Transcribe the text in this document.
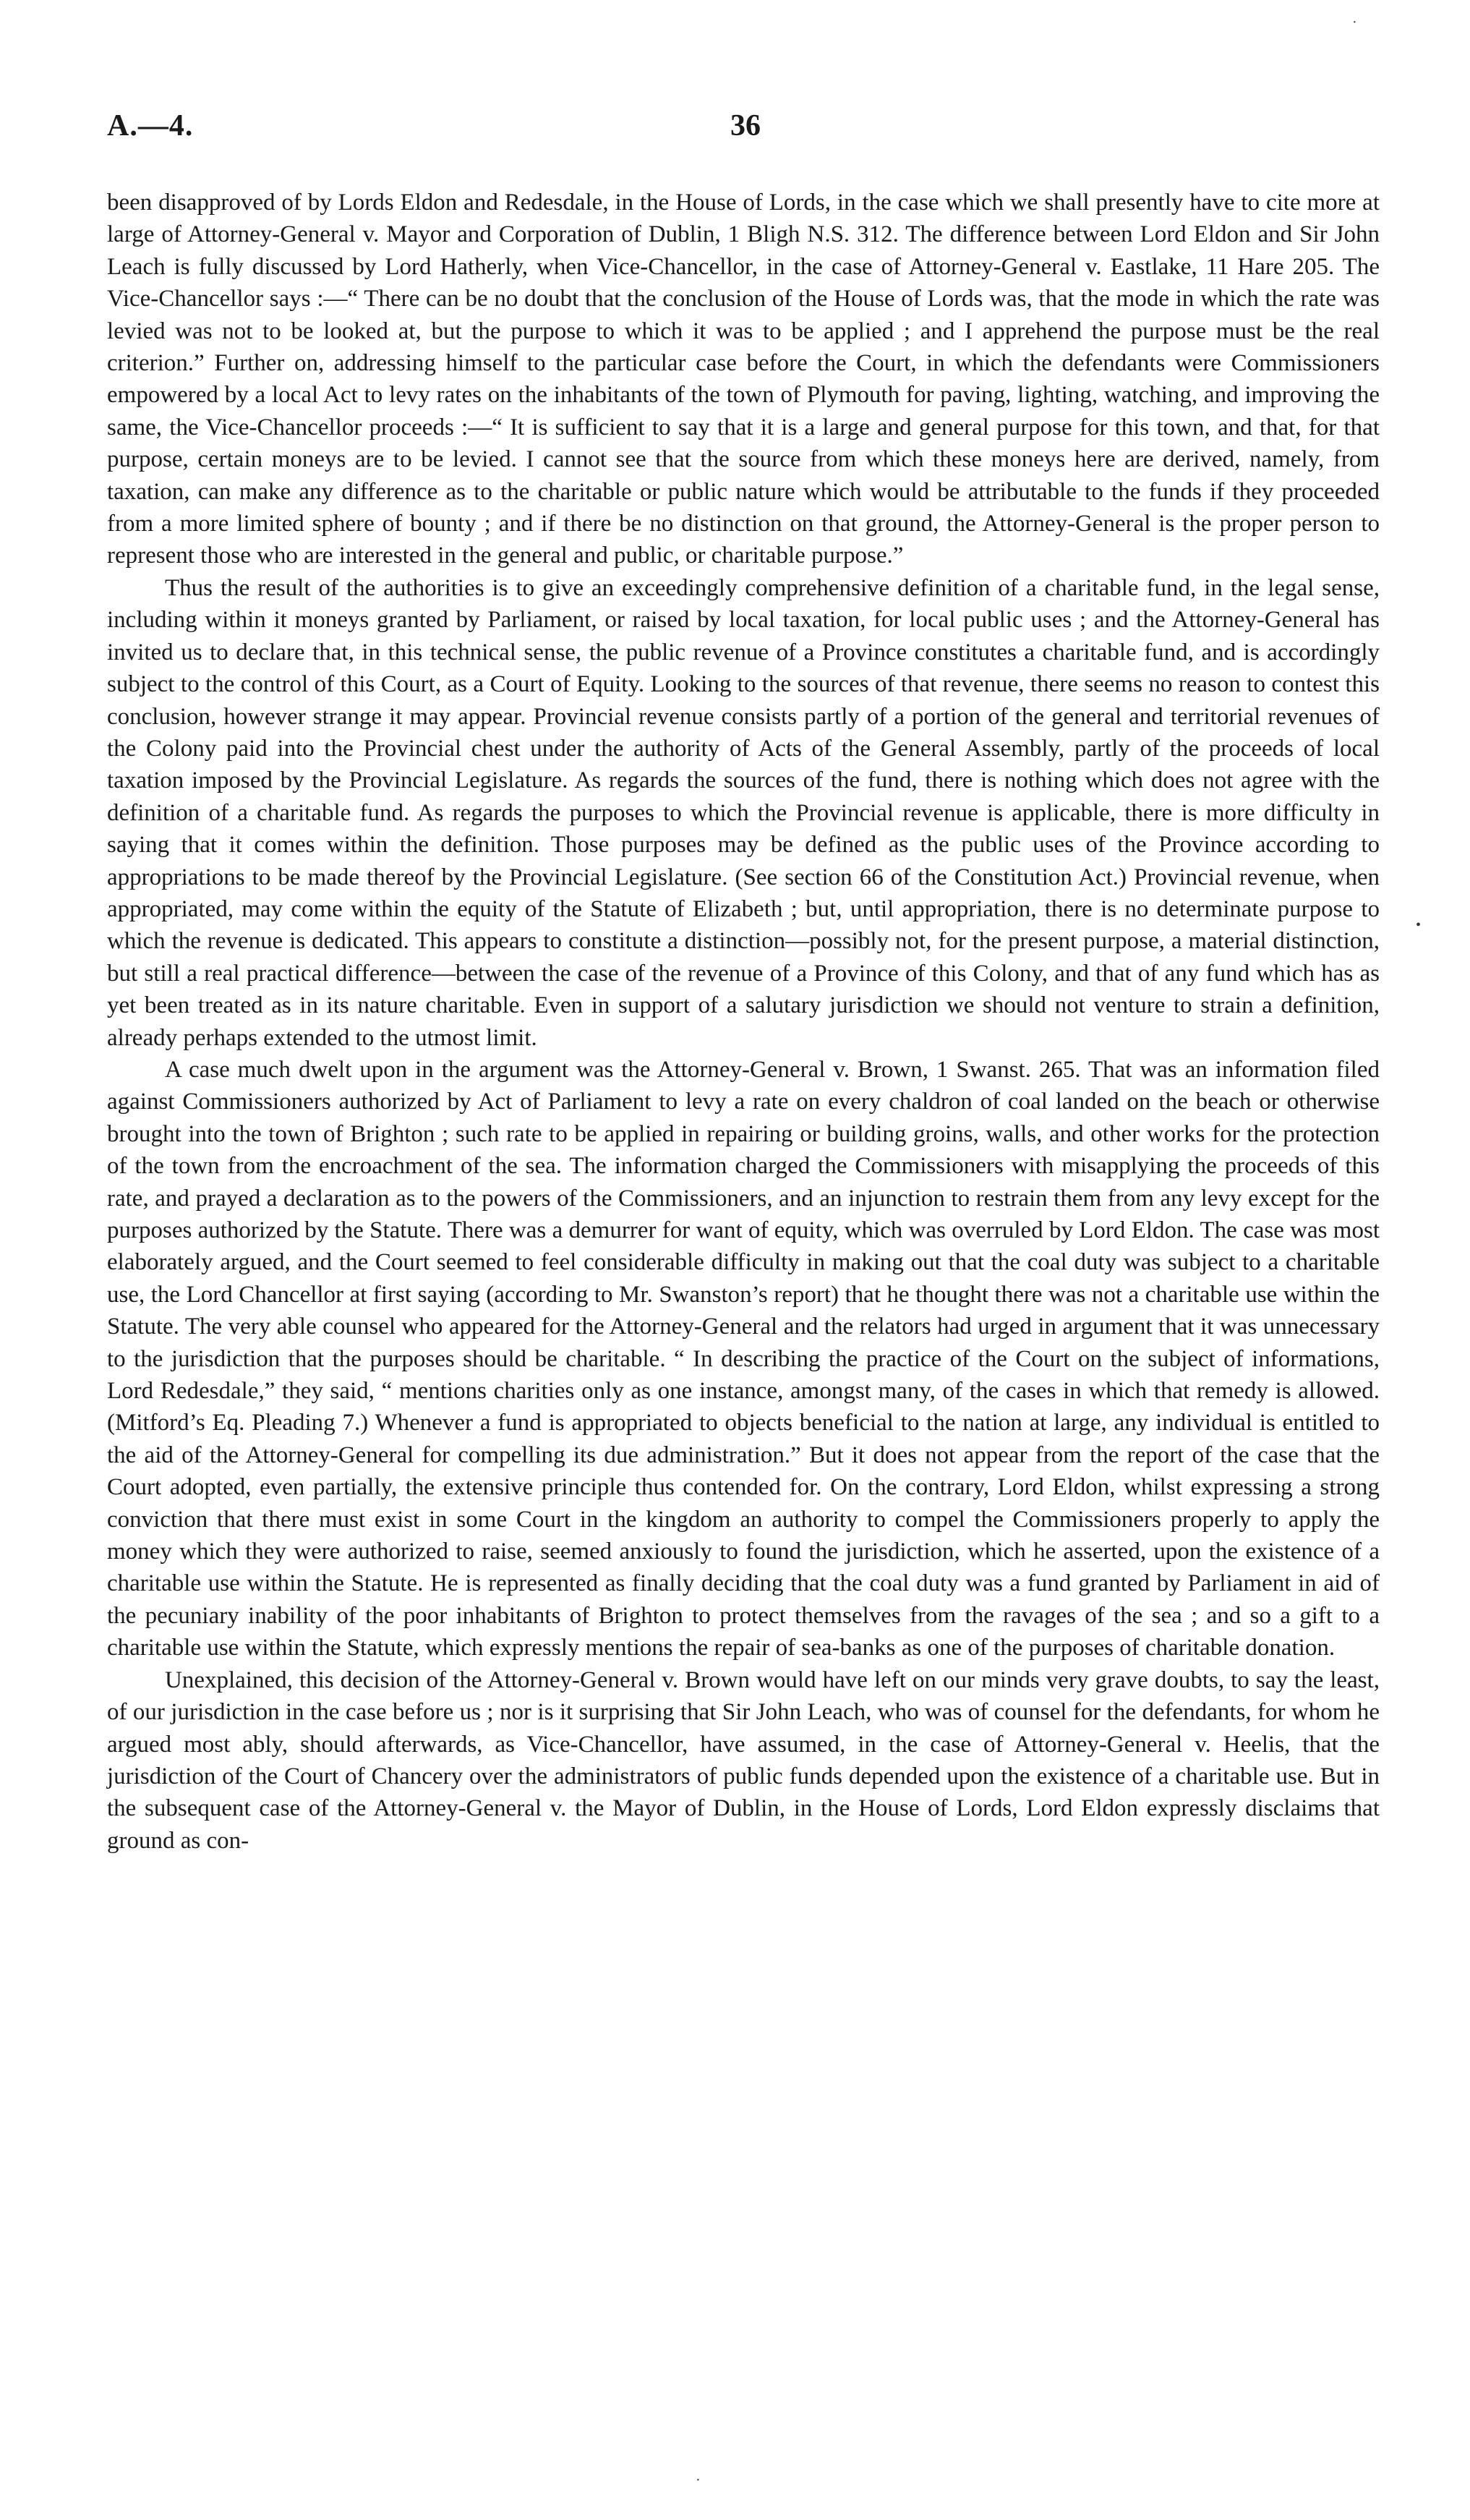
A.—4.	36

been disapproved of by Lords Eldon and Redesdale, in the House of Lords, in the case which we shall presently have to cite more at large of Attorney-General v. Mayor and Corporation of Dublin, 1 Bligh N.S. 312. The difference between Lord Eldon and Sir John Leach is fully discussed by Lord Hatherly, when Vice-Chancellor, in the case of Attorney-General v. Eastlake, 11 Hare 205. The Vice-Chancellor says :—“ There can be no doubt that the conclusion of the House of Lords was, that the mode in which the rate was levied was not to be looked at, but the purpose to which it was to be applied ; and I apprehend the purpose must be the real criterion.” Further on, addressing himself to the particular case before the Court, in which the defendants were Commissioners empowered by a local Act to levy rates on the inhabitants of the town of Plymouth for paving, lighting, watching, and improving the same, the Vice-Chancellor proceeds :—“ It is sufficient to say that it is a large and general purpose for this town, and that, for that purpose, certain moneys are to be levied. I cannot see that the source from which these moneys here are derived, namely, from taxation, can make any difference as to the charitable or public nature which would be attributable to the funds if they proceeded from a more limited sphere of bounty ; and if there be no distinction on that ground, the Attorney-General is the proper person to represent those who are interested in the general and public, or charitable purpose.”

Thus the result of the authorities is to give an exceedingly comprehensive definition of a charitable fund, in the legal sense, including within it moneys granted by Parliament, or raised by local taxation, for local public uses ; and the Attorney-General has invited us to declare that, in this technical sense, the public revenue of a Province constitutes a charitable fund, and is accordingly subject to the control of this Court, as a Court of Equity. Looking to the sources of that revenue, there seems no reason to contest this conclusion, however strange it may appear. Provincial revenue consists partly of a portion of the general and territorial revenues of the Colony paid into the Provincial chest under the authority of Acts of the General Assembly, partly of the proceeds of local taxation imposed by the Provincial Legislature. As regards the sources of the fund, there is nothing which does not agree with the definition of a charitable fund. As regards the purposes to which the Provincial revenue is applicable, there is more difficulty in saying that it comes within the definition. Those purposes may be defined as the public uses of the Province according to appropriations to be made thereof by the Provincial Legislature. (See section 66 of the Constitution Act.) Provincial revenue, when appropriated, may come within the equity of the Statute of Elizabeth ; but, until appropriation, there is no determinate purpose to which the revenue is dedicated. This appears to constitute a distinction—possibly not, for the present purpose, a material distinction, but still a real practical difference—between the case of the revenue of a Province of this Colony, and that of any fund which has as yet been treated as in its nature charitable. Even in support of a salutary jurisdiction we should not venture to strain a definition, already perhaps extended to the utmost limit.

A case much dwelt upon in the argument was the Attorney-General v. Brown, 1 Swanst. 265. That was an information filed against Commissioners authorized by Act of Parliament to levy a rate on every chaldron of coal landed on the beach or otherwise brought into the town of Brighton ; such rate to be applied in repairing or building groins, walls, and other works for the protection of the town from the encroachment of the sea. The information charged the Commissioners with misapplying the proceeds of this rate, and prayed a declaration as to the powers of the Commissioners, and an injunction to restrain them from any levy except for the purposes authorized by the Statute. There was a demurrer for want of equity, which was overruled by Lord Eldon. The case was most elaborately argued, and the Court seemed to feel considerable difficulty in making out that the coal duty was subject to a charitable use, the Lord Chancellor at first saying (according to Mr. Swanston’s report) that he thought there was not a charitable use within the Statute. The very able counsel who appeared for the Attorney-General and the relators had urged in argument that it was unnecessary to the jurisdiction that the purposes should be charitable. “ In describing the practice of the Court on the subject of informations, Lord Redesdale,” they said, “ mentions charities only as one instance, amongst many, of the cases in which that remedy is allowed. (Mitford’s Eq. Pleading 7.) Whenever a fund is appropriated to objects beneficial to the nation at large, any individual is entitled to the aid of the Attorney-General for compelling its due administration.” But it does not appear from the report of the case that the Court adopted, even partially, the extensive principle thus contended for. On the contrary, Lord Eldon, whilst expressing a strong conviction that there must exist in some Court in the kingdom an authority to compel the Commissioners properly to apply the money which they were authorized to raise, seemed anxiously to found the jurisdiction, which he asserted, upon the existence of a charitable use within the Statute. He is represented as finally deciding that the coal duty was a fund granted by Parliament in aid of the pecuniary inability of the poor inhabitants of Brighton to protect themselves from the ravages of the sea ; and so a gift to a charitable use within the Statute, which expressly mentions the repair of sea-banks as one of the purposes of charitable donation.

Unexplained, this decision of the Attorney-General v. Brown would have left on our minds very grave doubts, to say the least, of our jurisdiction in the case before us ; nor is it surprising that Sir John Leach, who was of counsel for the defendants, for whom he argued most ably, should afterwards, as Vice-Chancellor, have assumed, in the case of Attorney-General v. Heelis, that the jurisdiction of the Court of Chancery over the administrators of public funds depended upon the existence of a charitable use. But in the subsequent case of the Attorney-General v. the Mayor of Dublin, in the House of Lords, Lord Eldon expressly disclaims that ground as con-

·
•
·
